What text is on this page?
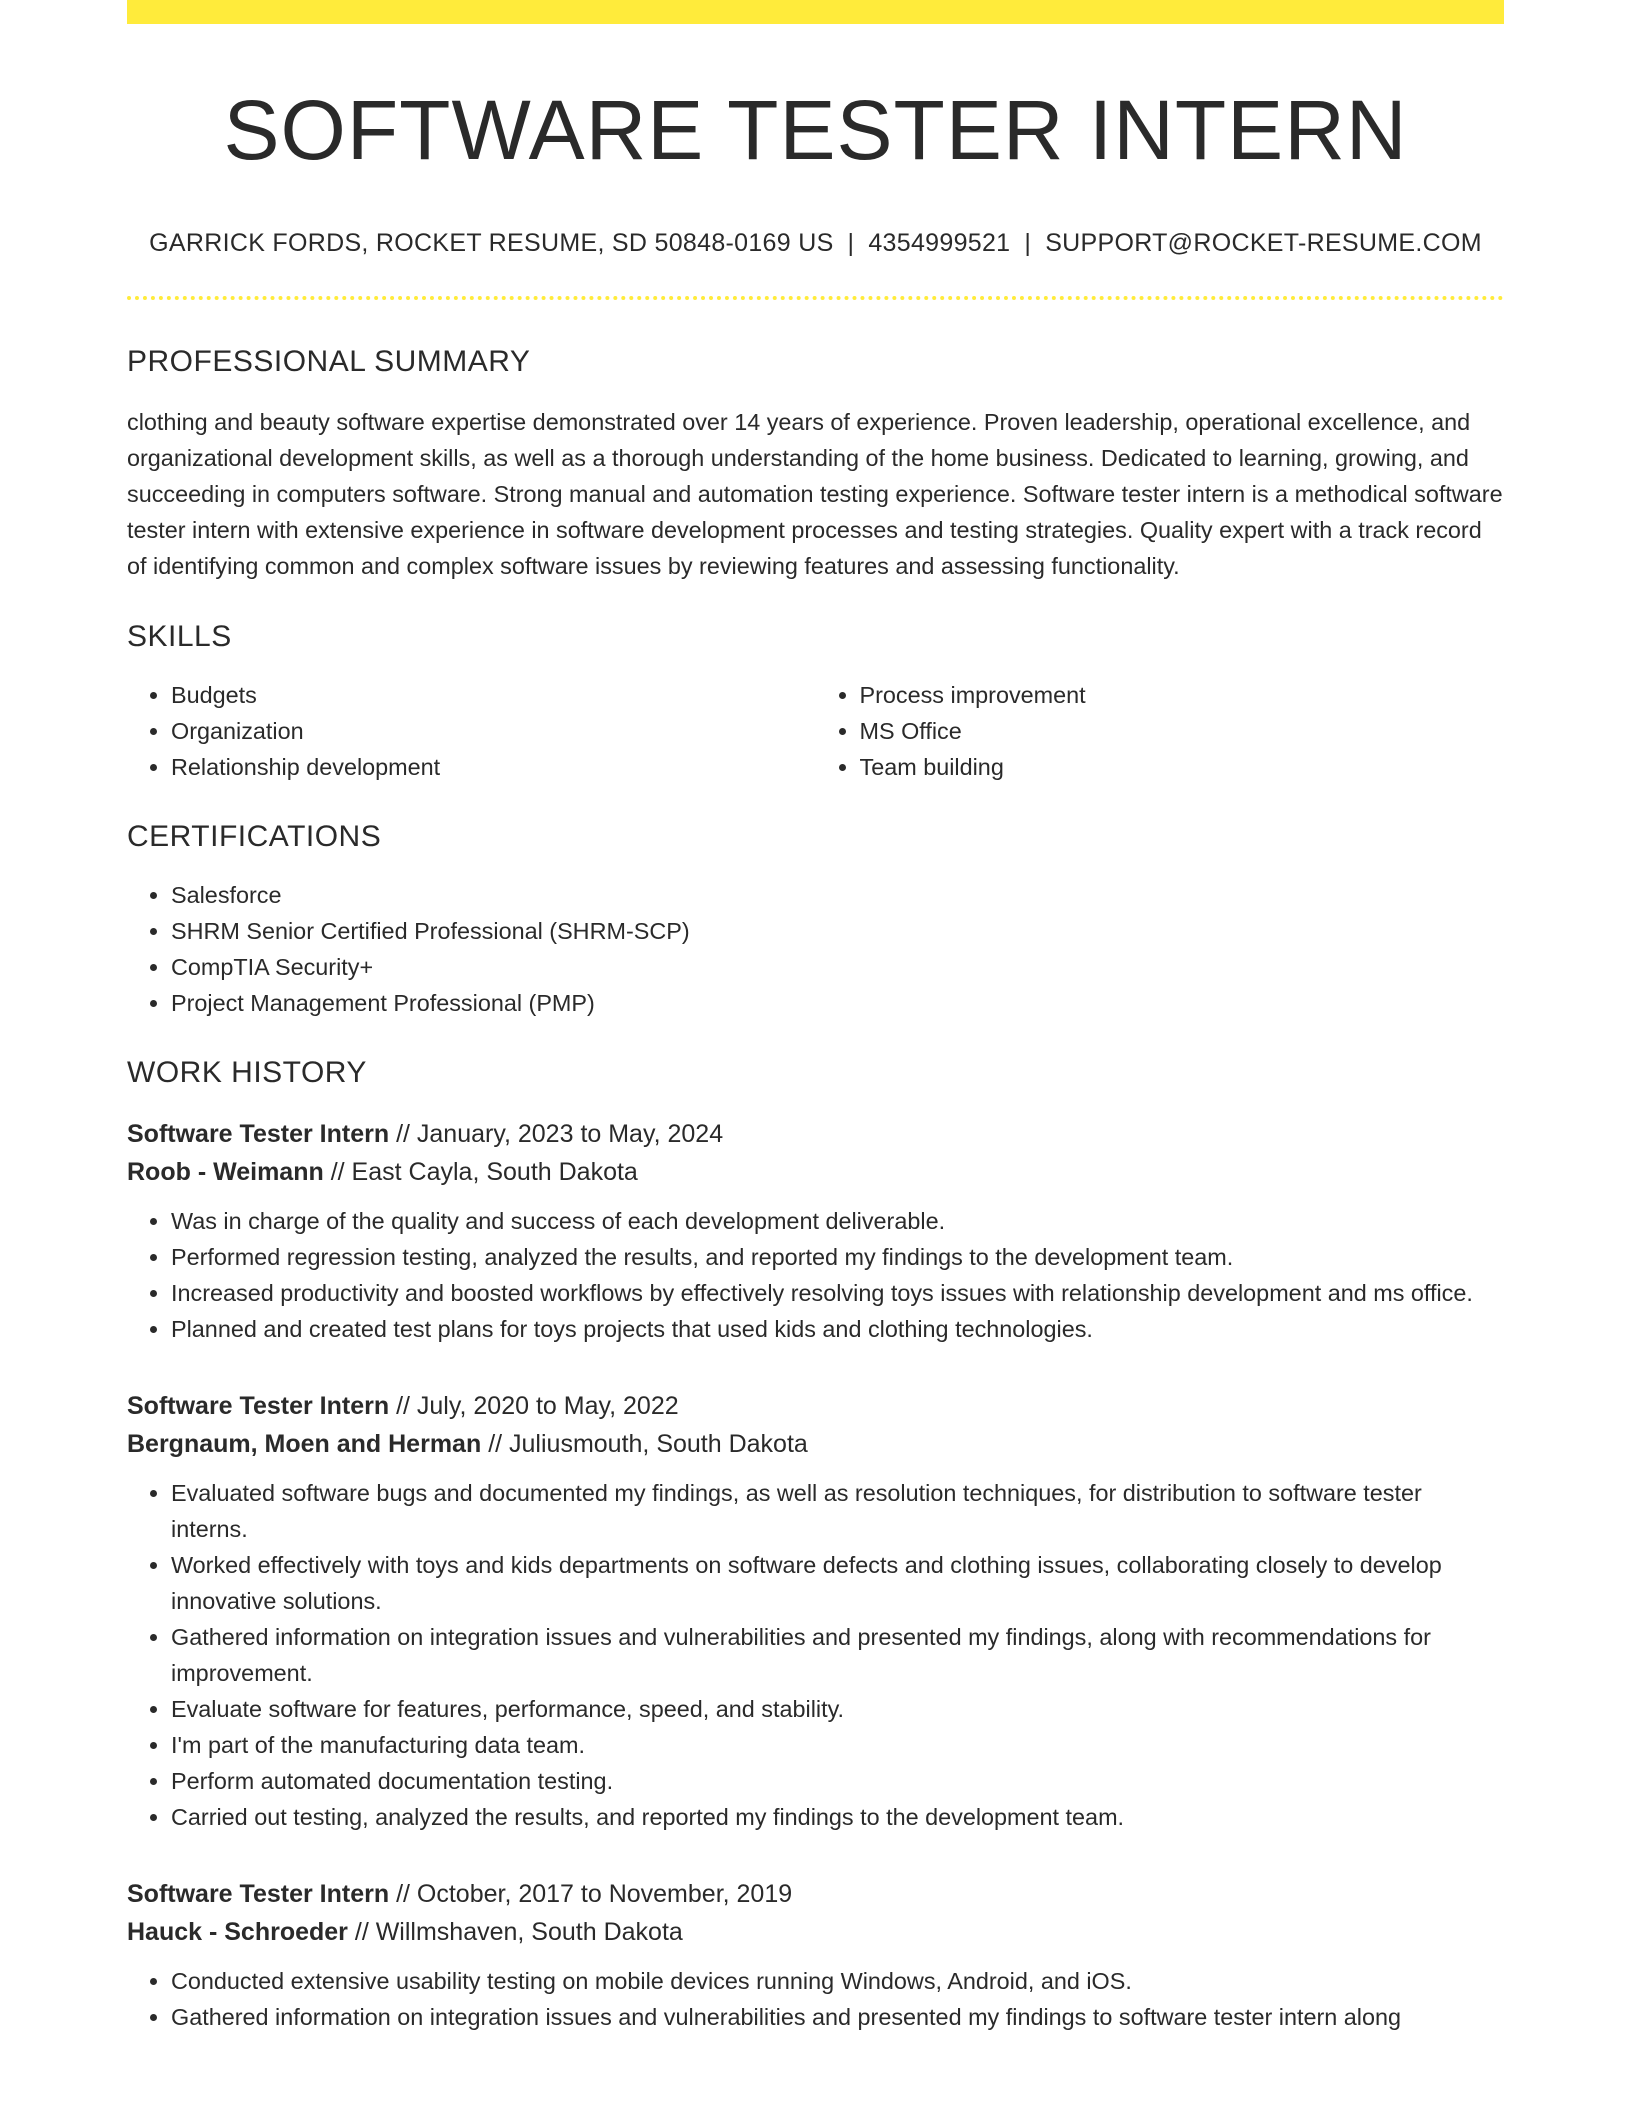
SOFTWARE TESTER INTERN
GARRICK FORDS, ROCKET RESUME, SD 50848-0169 US | 4354999521 | SUPPORT@ROCKET-RESUME.COM
PROFESSIONAL SUMMARY
clothing and beauty software expertise demonstrated over 14 years of experience. Proven leadership, operational excellence, and organizational development skills, as well as a thorough understanding of the home business. Dedicated to learning, growing, and succeeding in computers software. Strong manual and automation testing experience. Software tester intern is a methodical software tester intern with extensive experience in software development processes and testing strategies. Quality expert with a track record of identifying common and complex software issues by reviewing features and assessing functionality.
SKILLS
• Budgets
• Organization
• Relationship development
• Process improvement
• MS Office
• Team building
CERTIFICATIONS
• Salesforce
• SHRM Senior Certified Professional (SHRM-SCP)
• CompTIA Security+
• Project Management Professional (PMP)
WORK HISTORY
Software Tester Intern // January, 2023 to May, 2024
Roob - Weimann // East Cayla, South Dakota
• Was in charge of the quality and success of each development deliverable.
• Performed regression testing, analyzed the results, and reported my findings to the development team.
• Increased productivity and boosted workflows by effectively resolving toys issues with relationship development and ms office.
• Planned and created test plans for toys projects that used kids and clothing technologies.
Software Tester Intern // July, 2020 to May, 2022
Bergnaum, Moen and Herman // Juliusmouth, South Dakota
• Evaluated software bugs and documented my findings, as well as resolution techniques, for distribution to software tester interns.
• Worked effectively with toys and kids departments on software defects and clothing issues, collaborating closely to develop innovative solutions.
• Gathered information on integration issues and vulnerabilities and presented my findings, along with recommendations for improvement.
• Evaluate software for features, performance, speed, and stability.
• I'm part of the manufacturing data team.
• Perform automated documentation testing.
• Carried out testing, analyzed the results, and reported my findings to the development team.
Software Tester Intern // October, 2017 to November, 2019
Hauck - Schroeder // Willmshaven, South Dakota
• Conducted extensive usability testing on mobile devices running Windows, Android, and iOS.
• Gathered information on integration issues and vulnerabilities and presented my findings to software tester intern along
